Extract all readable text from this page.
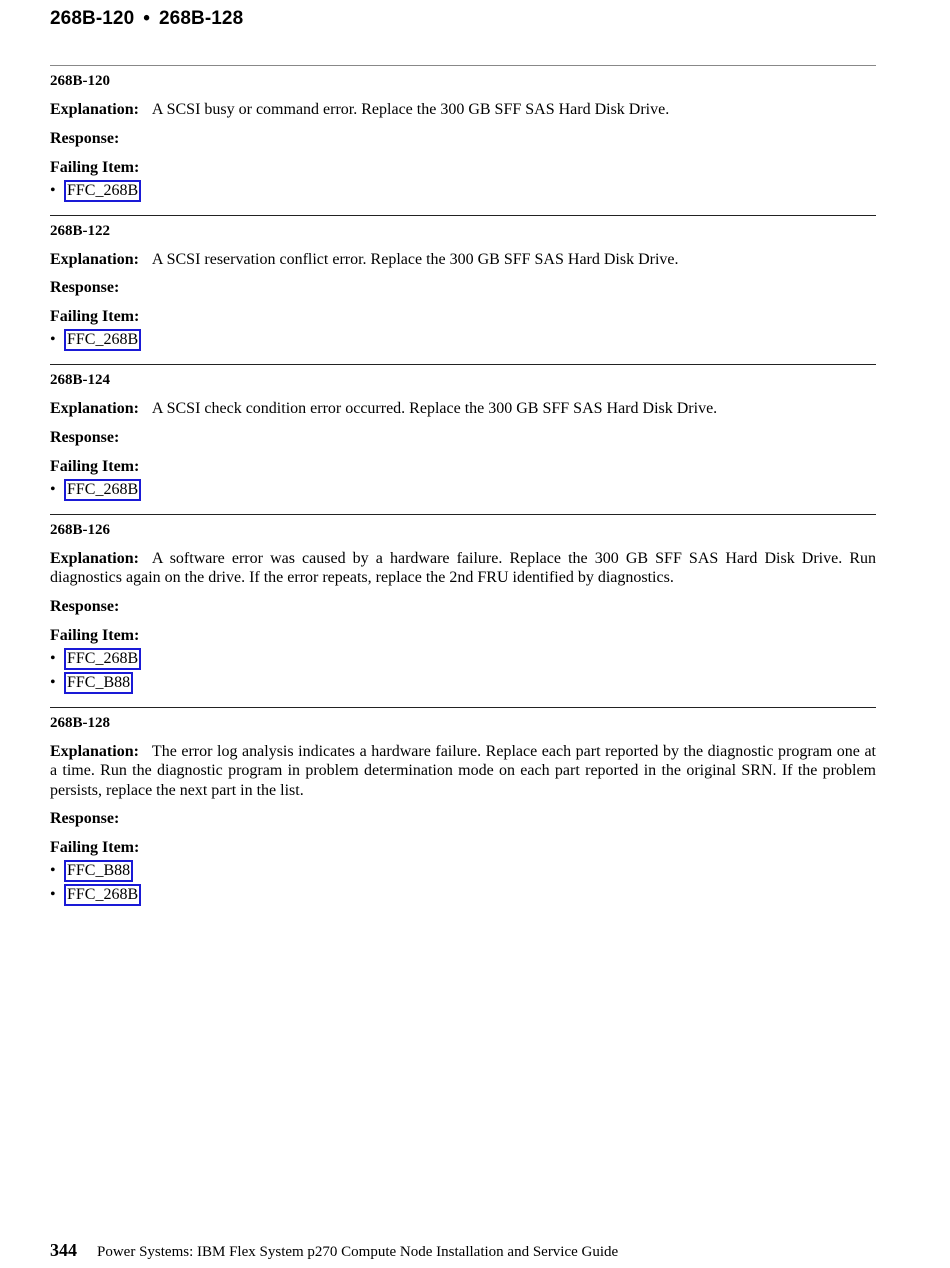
268B-120 • 268B-128
268B-120
Explanation: A SCSI busy or command error. Replace the 300 GB SFF SAS Hard Disk Drive.
Response:
Failing Item:
• FFC_268B
268B-122
Explanation: A SCSI reservation conflict error. Replace the 300 GB SFF SAS Hard Disk Drive.
Response:
Failing Item:
• FFC_268B
268B-124
Explanation: A SCSI check condition error occurred. Replace the 300 GB SFF SAS Hard Disk Drive.
Response:
Failing Item:
• FFC_268B
268B-126
Explanation: A software error was caused by a hardware failure. Replace the 300 GB SFF SAS Hard Disk Drive. Run diagnostics again on the drive. If the error repeats, replace the 2nd FRU identified by diagnostics.
Response:
Failing Item:
• FFC_268B
• FFC_B88
268B-128
Explanation: The error log analysis indicates a hardware failure. Replace each part reported by the diagnostic program one at a time. Run the diagnostic program in problem determination mode on each part reported in the original SRN. If the problem persists, replace the next part in the list.
Response:
Failing Item:
• FFC_B88
• FFC_268B
344 Power Systems: IBM Flex System p270 Compute Node Installation and Service Guide
